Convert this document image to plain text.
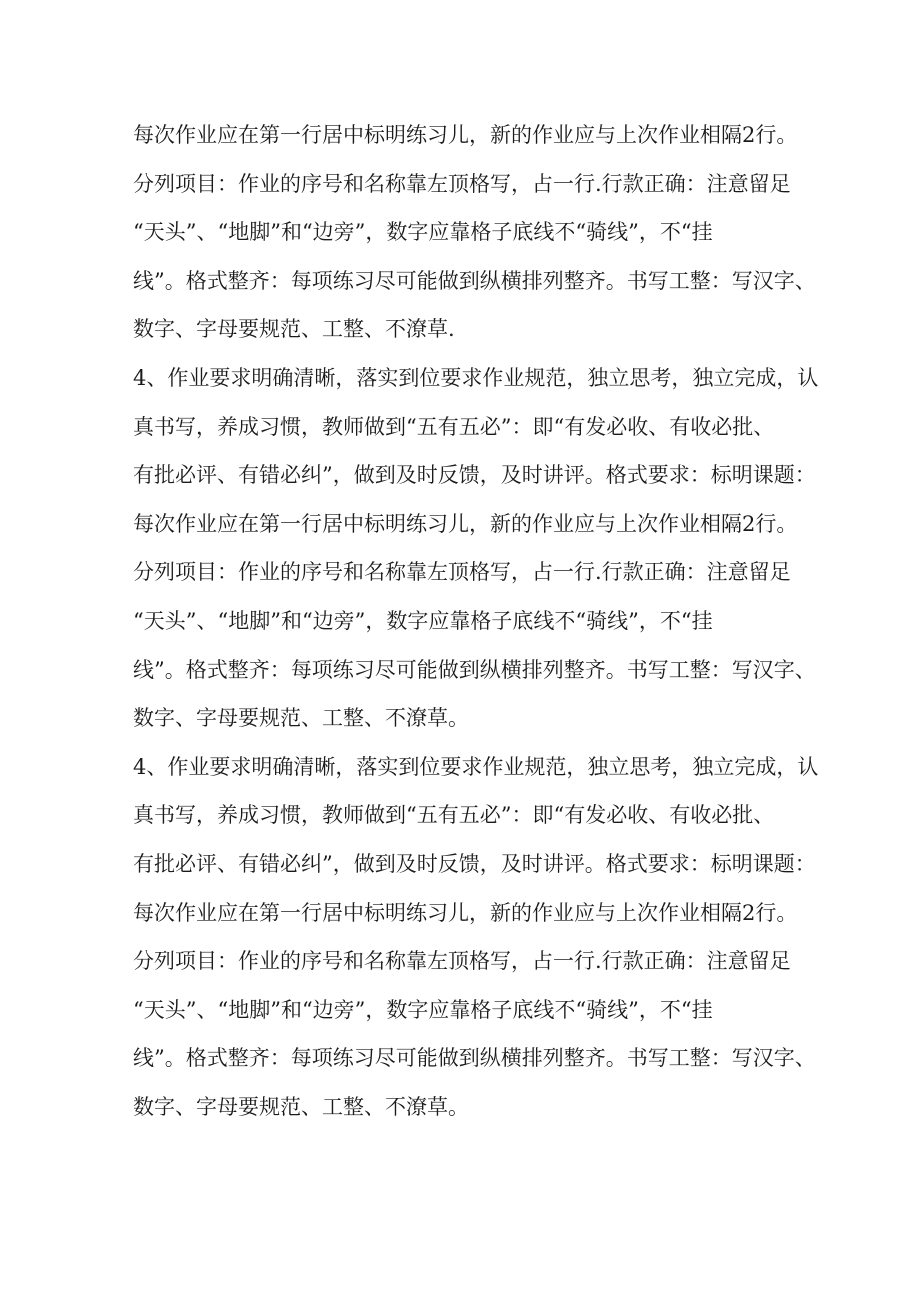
每次作业应在第一行居中标明练习儿，新的作业应与上次作业相隔2行。
分列项目：作业的序号和名称靠左顶格写，占一行.行款正确：注意留足
“天头”、“地脚”和“边旁”，数字应靠格子底线不“骑线”，不“挂
线”。格式整齐：每项练习尽可能做到纵横排列整齐。书写工整：写汉字、
数字、字母要规范、工整、不潦草.
4、作业要求明确清晰，落实到位要求作业规范，独立思考，独立完成，认
真书写，养成习惯，教师做到“五有五必”：即“有发必收、有收必批、
有批必评、有错必纠”，做到及时反馈，及时讲评。格式要求：标明课题：
每次作业应在第一行居中标明练习儿，新的作业应与上次作业相隔2行。
分列项目：作业的序号和名称靠左顶格写，占一行.行款正确：注意留足
“天头”、“地脚”和“边旁”，数字应靠格子底线不“骑线”，不“挂
线”。格式整齐：每项练习尽可能做到纵横排列整齐。书写工整：写汉字、
数字、字母要规范、工整、不潦草。
4、作业要求明确清晰，落实到位要求作业规范，独立思考，独立完成，认
真书写，养成习惯，教师做到“五有五必”：即“有发必收、有收必批、
有批必评、有错必纠”，做到及时反馈，及时讲评。格式要求：标明课题：
每次作业应在第一行居中标明练习儿，新的作业应与上次作业相隔2行。
分列项目：作业的序号和名称靠左顶格写，占一行.行款正确：注意留足
“天头”、“地脚”和“边旁”，数字应靠格子底线不“骑线”，不“挂
线”。格式整齐：每项练习尽可能做到纵横排列整齐。书写工整：写汉字、
数字、字母要规范、工整、不潦草。
